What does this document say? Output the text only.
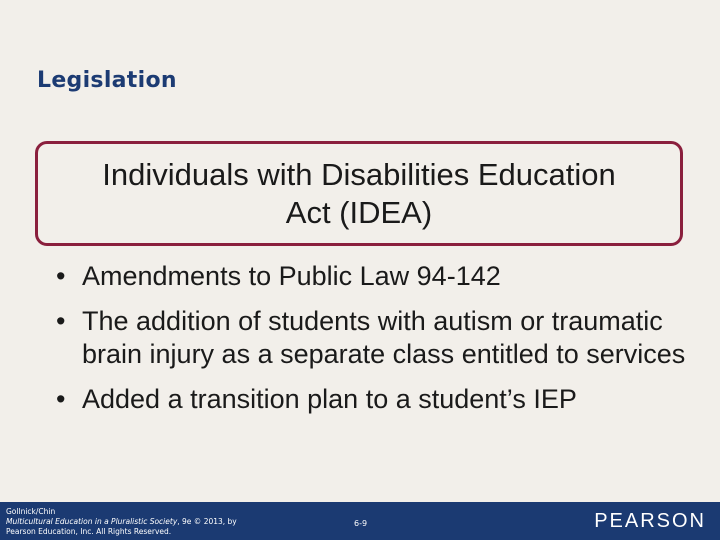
Legislation
Individuals with Disabilities Education
Act (IDEA)
• Amendments to Public Law 94-142
• The addition of students with autism or traumatic brain injury as a separate class entitled to services
• Added a transition plan to a student’s IEP
Gollnick/Chin
Multicultural Education in a Pluralistic Society, 9e © 2013, by
Pearson Education, Inc. All Rights Reserved.
6-9	PEARSON
